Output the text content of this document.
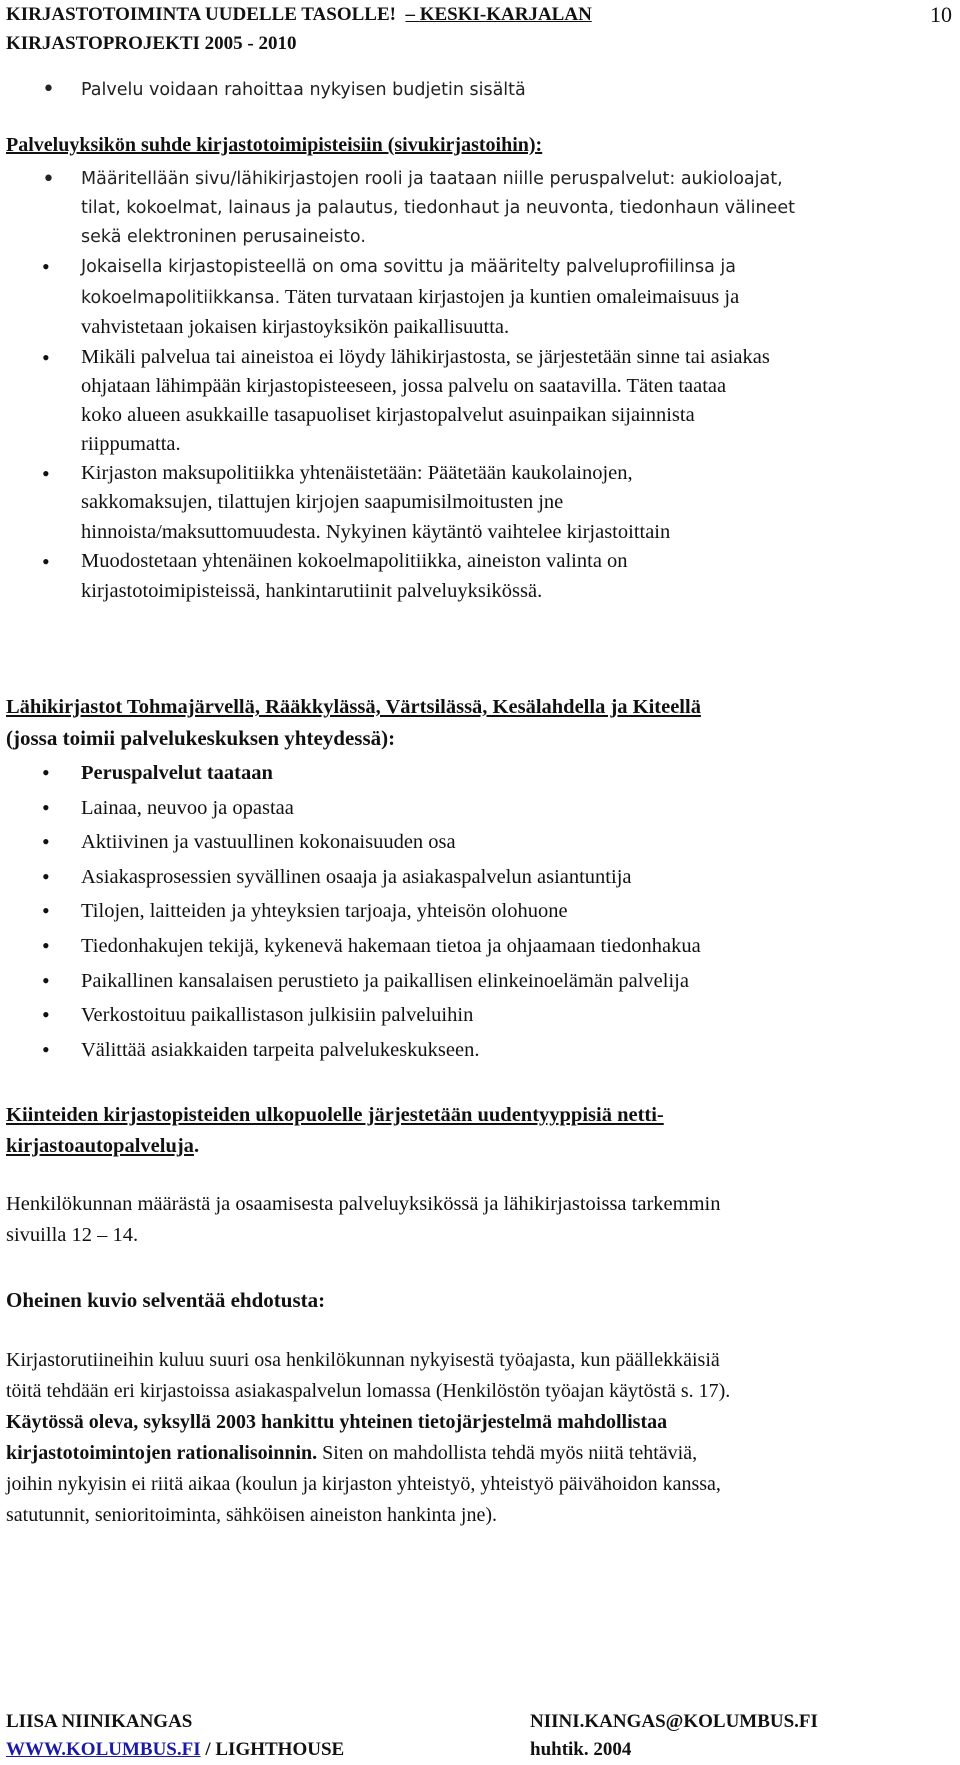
KIRJASTOTOIMINTA UUDELLE TASOLLE! – KESKI-KARJALAN
KIRJASTOPROJEKTI 2005 - 2010
10
• Palvelu voidaan rahoittaa nykyisen budjetin sisältä
Palveluyksikön suhde kirjastotoimipisteisiin (sivukirjastoihin):
• Määritellään sivu/lähikirjastojen rooli ja taataan niille peruspalvelut: aukioloajat,
tilat, kokoelmat, lainaus ja palautus, tiedonhaut ja neuvonta, tiedonhaun välineet
sekä elektroninen perusaineisto.
• Jokaisella kirjastopisteellä on oma sovittu ja määritelty palveluprofiilinsa ja
kokoelmapolitiikkansa. Täten turvataan kirjastojen ja kuntien omaleimaisuus ja
vahvistetaan jokaisen kirjastoyksikön paikallisuutta.
• Mikäli palvelua tai aineistoa ei löydy lähikirjastosta, se järjestetään sinne tai asiakas
ohjataan lähimpään kirjastopisteeseen, jossa palvelu on saatavilla. Täten taataa
koko alueen asukkaille tasapuoliset kirjastopalvelut asuinpaikan sijainnista
riippumatta.
• Kirjaston maksupolitiikka yhtenäistetään: Päätetään kaukolainojen,
sakkomaksujen, tilattujen kirjojen saapumisilmoitusten jne
hinnoista/maksuttomuudesta. Nykyinen käytäntö vaihtelee kirjastoittain
• Muodostetaan yhtenäinen kokoelmapolitiikka, aineiston valinta on
kirjastotoimipisteissä, hankintarutiinit palveluyksikössä.
Lähikirjastot Tohmajärvellä, Rääkkylässä, Värtsilässä, Kesälahdella ja Kiteellä
(jossa toimii palvelukeskuksen yhteydessä):
• Peruspalvelut taataan
• Lainaa, neuvoo ja opastaa
• Aktiivinen ja vastuullinen kokonaisuuden osa
• Asiakasprosessien syvällinen osaaja ja asiakaspalvelun asiantuntija
• Tilojen, laitteiden ja yhteyksien tarjoaja, yhteisön olohuone
• Tiedonhakujen tekijä, kykenevä hakemaan tietoa ja ohjaamaan tiedonhakua
• Paikallinen kansalaisen perustieto ja paikallisen elinkeinoelämän palvelija
• Verkostoituu paikallistason julkisiin palveluihin
• Välittää asiakkaiden tarpeita palvelukeskukseen.
Kiinteiden kirjastopisteiden ulkopuolelle järjestetään uudentyyppisiä netti-
kirjastoautopalveluja.
Henkilökunnan määrästä ja osaamisesta palveluyksikössä ja lähikirjastoissa tarkemmin
sivuilla 12 – 14.
Oheinen kuvio selventää ehdotusta:
Kirjastorutiineihin kuluu suuri osa henkilökunnan nykyisestä työajasta, kun päällekkäisiä
töitä tehdään eri kirjastoissa asiakaspalvelun lomassa (Henkilöstön työajan käytöstä s. 17).
Käytössä oleva, syksyllä 2003 hankittu yhteinen tietojärjestelmä mahdollistaa
kirjastotoimintojen rationalisoinnin. Siten on mahdollista tehdä myös niitä tehtäviä,
joihin nykyisin ei riitä aikaa (koulun ja kirjaston yhteistyö, yhteistyö päivähoidon kanssa,
satutunnit, senioritoiminta, sähköisen aineiston hankinta jne).
LIISA NIINIKANGAS	NIINI.KANGAS@KOLUMBUS.FI
WWW.KOLUMBUS.FI / LIGHTHOUSE	huhtik. 2004
